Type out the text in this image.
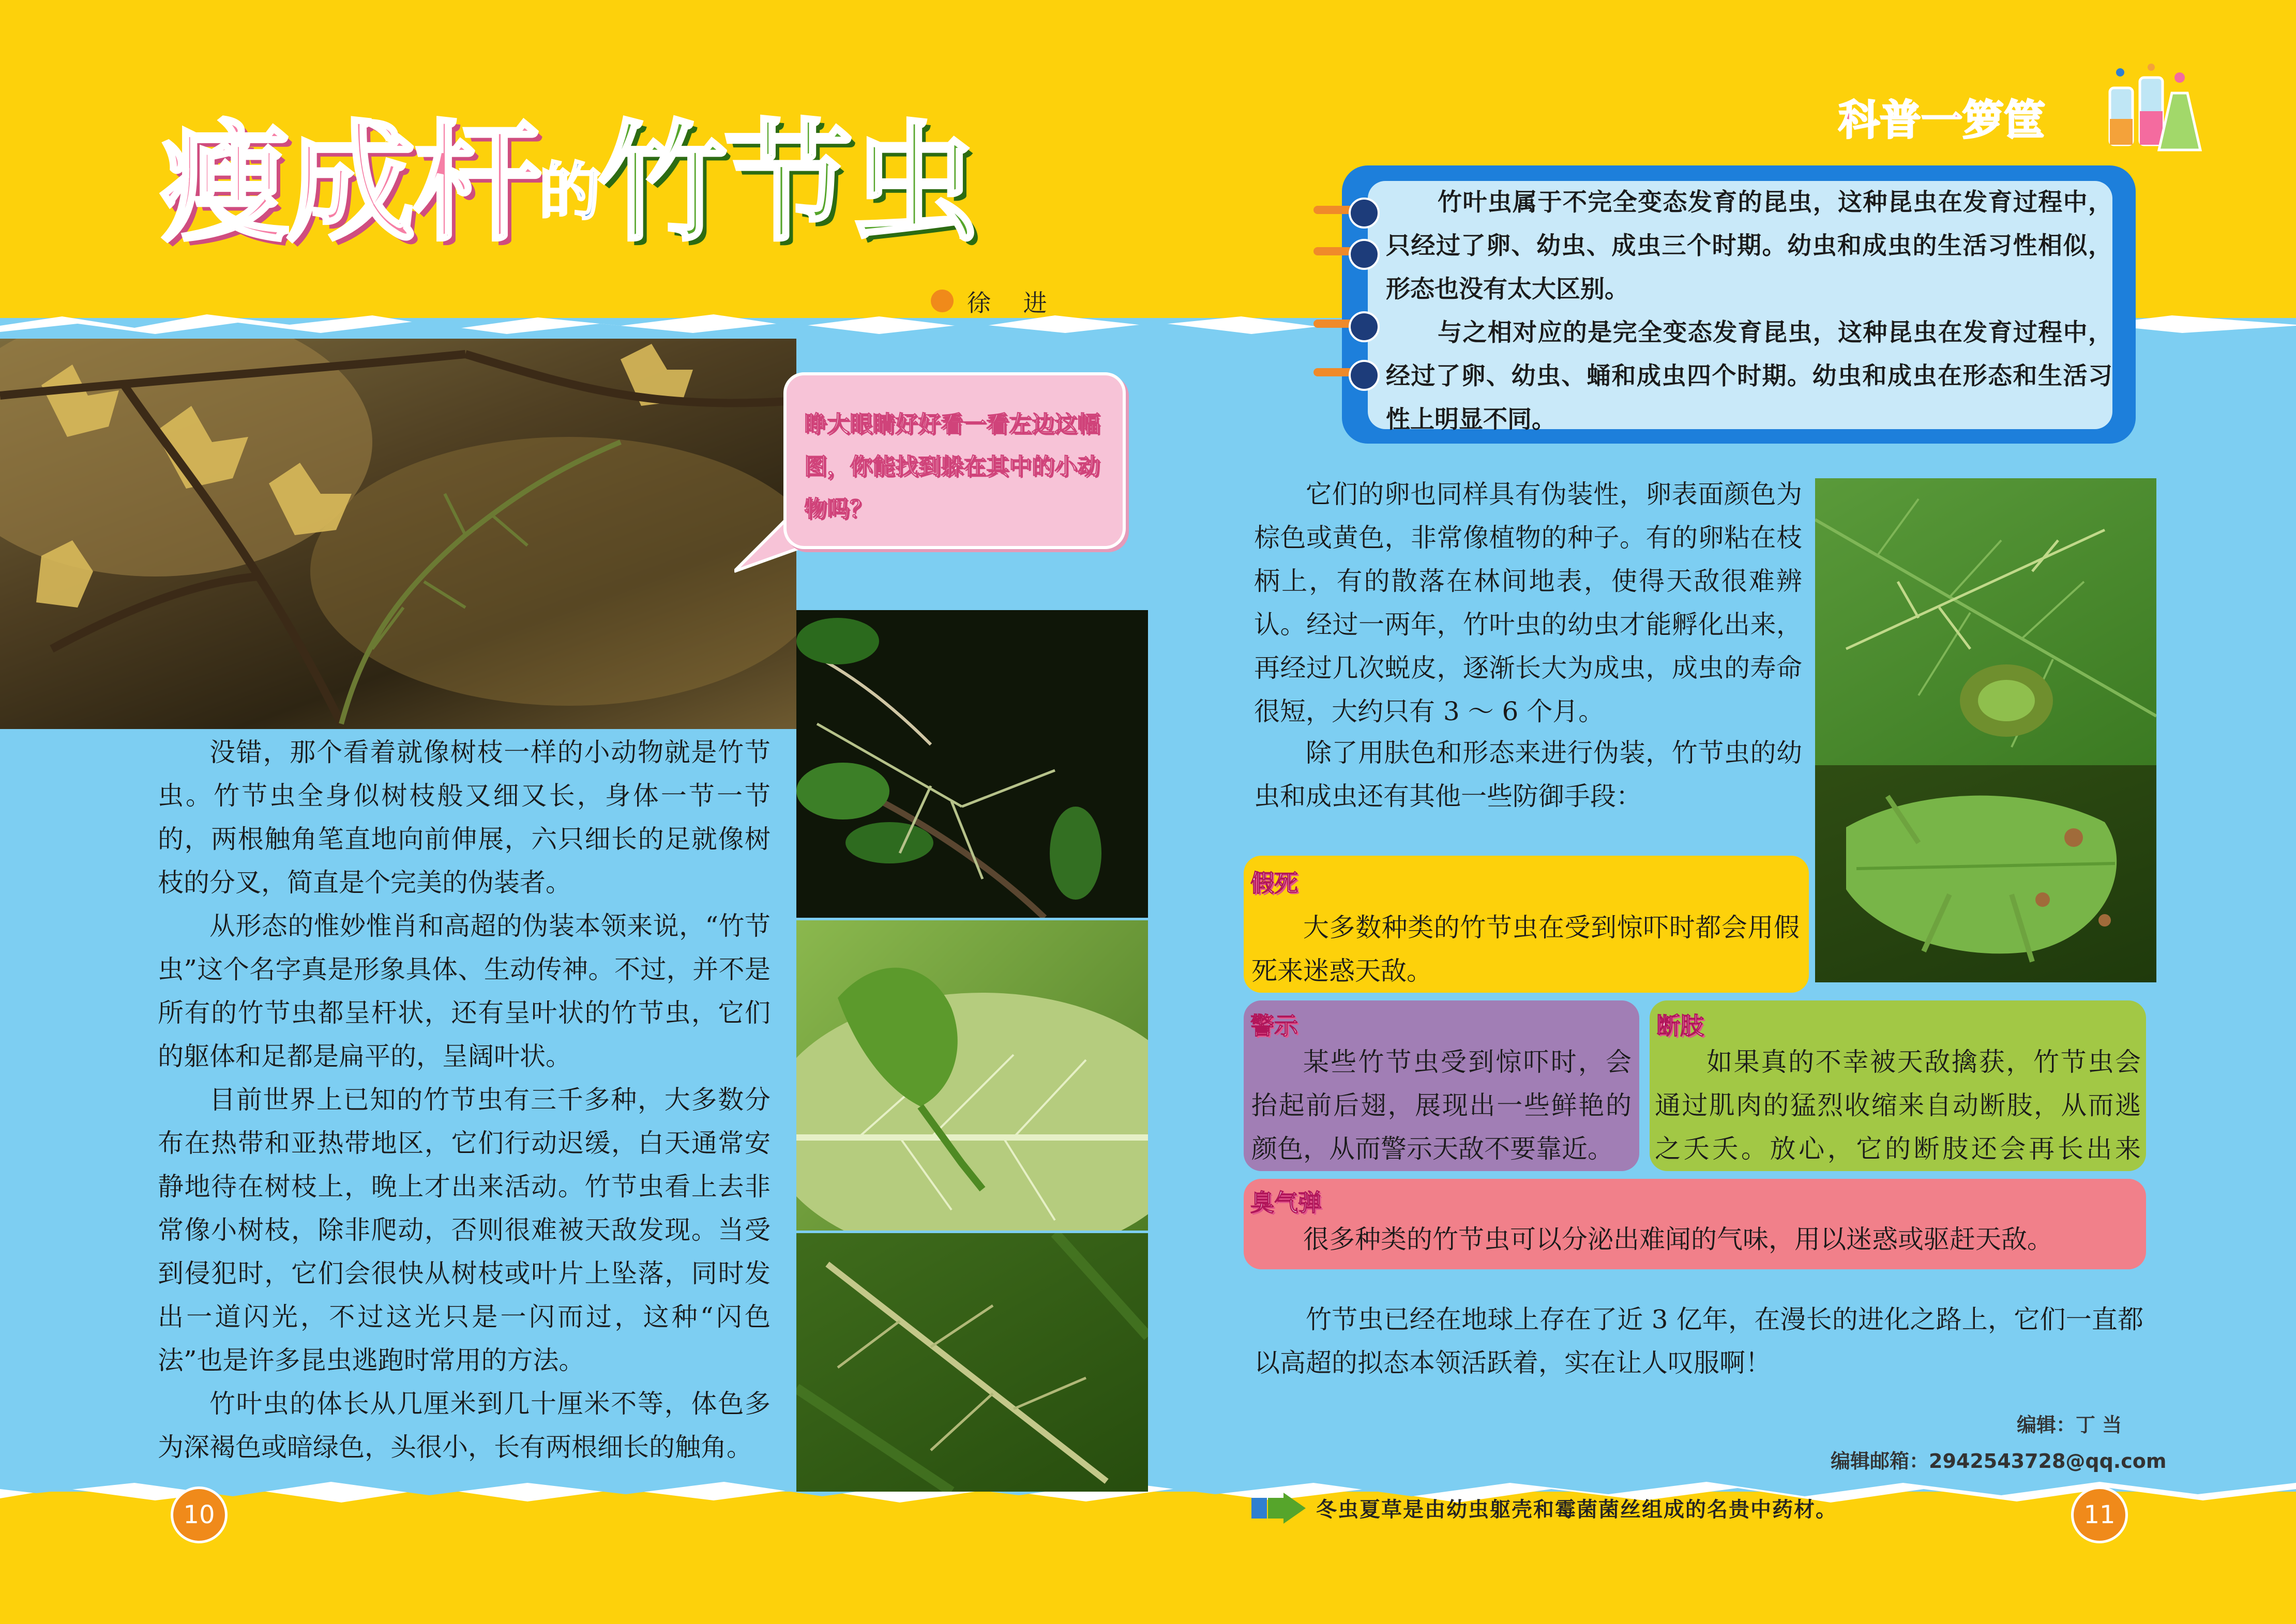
瘦成杆的竹节虫
徐 进
科普一箩筐
睁大眼睛好好看一看左边这幅图，你能找到躲在其中的小动物吗？

竹叶虫属于不完全变态发育的昆虫，这种昆虫在发育过程中，只经过了卵、幼虫、成虫三个时期。幼虫和成虫的生活习性相似，形态也没有太大区别。

与之相对应的是完全变态发育昆虫，这种昆虫在发育过程中，经过了卵、幼虫、蛹和成虫四个时期。幼虫和成虫在形态和生活习性上明显不同。

没错，那个看着就像树枝一样的小动物就是竹节虫。竹节虫全身似树枝般又细又长，身体一节一节的，两根触角笔直地向前伸展，六只细长的足就像树枝的分叉，简直是个完美的伪装者。

从形态的惟妙惟肖和高超的伪装本领来说，“竹节虫”这个名字真是形象具体、生动传神。不过，并不是所有的竹节虫都呈杆状，还有呈叶状的竹节虫，它们的躯体和足都是扁平的，呈阔叶状。

目前世界上已知的竹节虫有三千多种，大多数分布在热带和亚热带地区，它们行动迟缓，白天通常安静地待在树枝上，晚上才出来活动。竹节虫看上去非常像小树枝，除非爬动，否则很难被天敌发现。当受到侵犯时，它们会很快从树枝或叶片上坠落，同时发出一道闪光，不过这光只是一闪而过，这种“闪色法”也是许多昆虫逃跑时常用的方法。

竹叶虫的体长从几厘米到几十厘米不等，体色多为深褐色或暗绿色，头很小，长有两根细长的触角。

它们的卵也同样具有伪装性，卵表面颜色为棕色或黄色，非常像植物的种子。有的卵粘在枝柄上，有的散落在林间地表，使得天敌很难辨认。经过一两年，竹叶虫的幼虫才能孵化出来，再经过几次蜕皮，逐渐长大为成虫，成虫的寿命很短，大约只有 3 ～ 6 个月。

除了用肤色和形态来进行伪装，竹节虫的幼虫和成虫还有其他一些防御手段：

假死
大多数种类的竹节虫在受到惊吓时都会用假死来迷惑天敌。
警示
某些竹节虫受到惊吓时，会抬起前后翅，展现出一些鲜艳的颜色，从而警示天敌不要靠近。
断肢
如果真的不幸被天敌擒获，竹节虫会通过肌肉的猛烈收缩来自动断肢，从而逃之夭夭。放心，它的断肢还会再长出来
臭气弹
很多种类的竹节虫可以分泌出难闻的气味，用以迷惑或驱赶天敌。

竹节虫已经在地球上存在了近 3 亿年，在漫长的进化之路上，它们一直都以高超的拟态本领活跃着，实在让人叹服啊！

编辑：丁 当
编辑邮箱：2942543728@qq.com
10	11
冬虫夏草是由幼虫躯壳和霉菌菌丝组成的名贵中药材。
